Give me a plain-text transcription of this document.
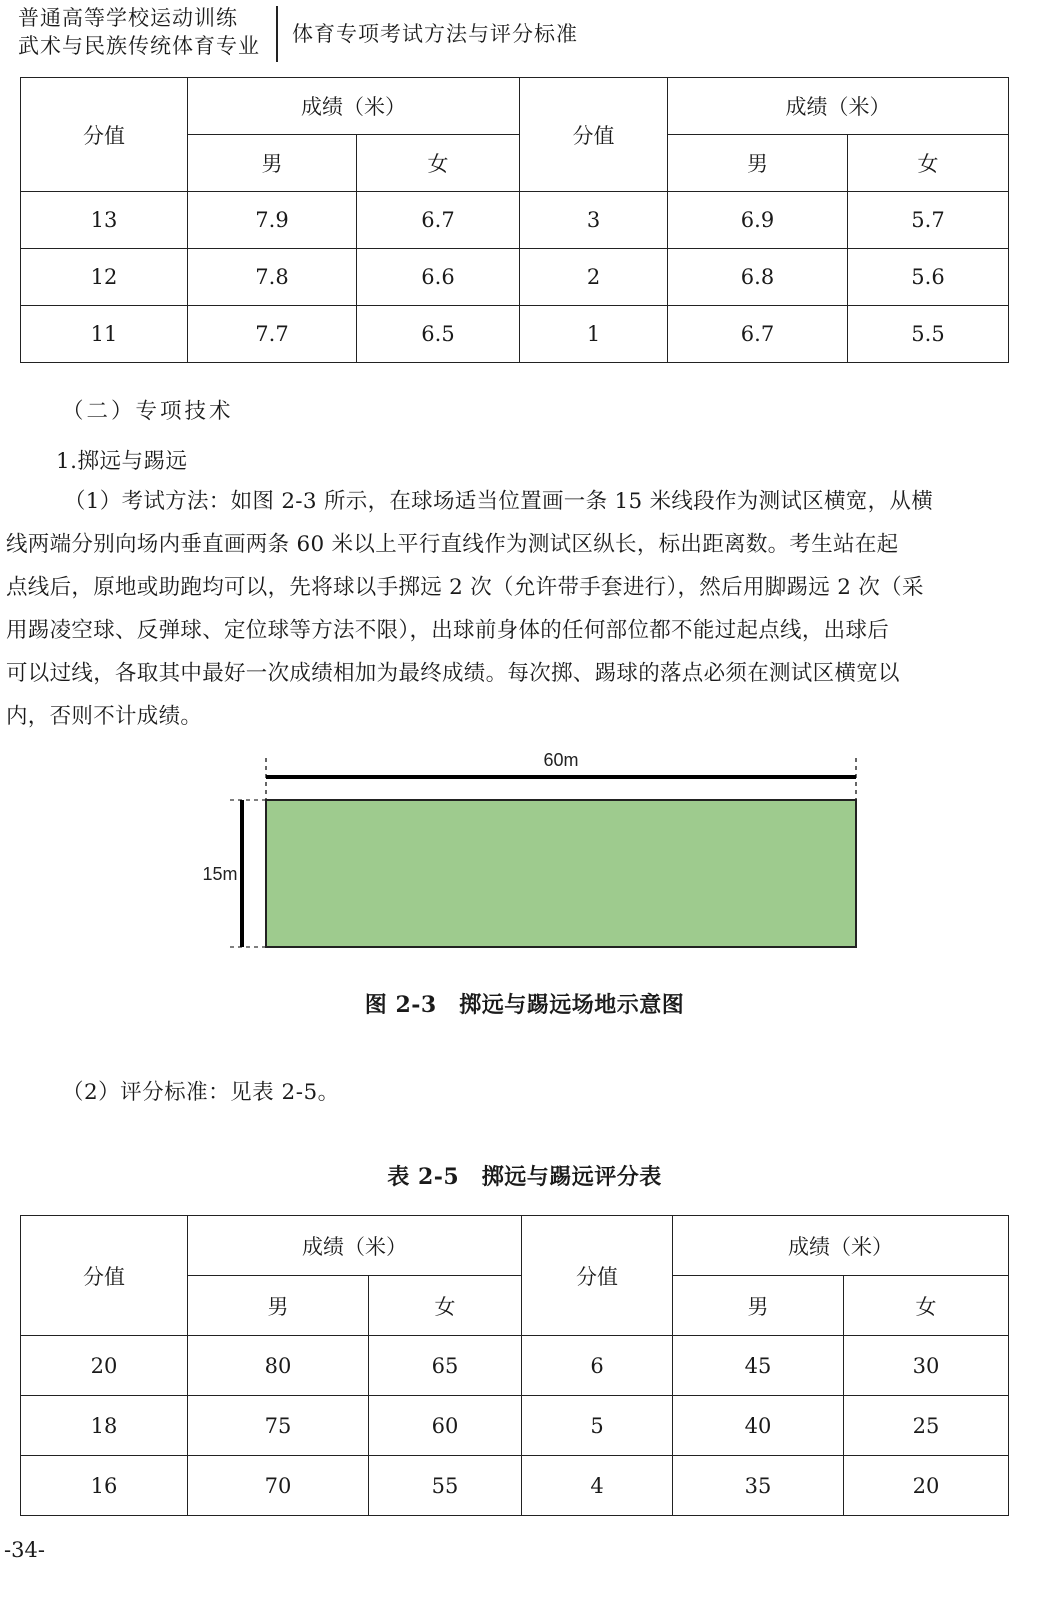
普通高等学校运动训练
武术与民族传统体育专业 体育专项考试方法与评分标准
分值	成绩（米）		分值	成绩（米）	
	男	女		男	女
13	7.9	6.7	3	6.9	5.7
12	7.8	6.6	2	6.8	5.6
11	7.7	6.5	1	6.7	5.5
（二）专项技术
1.掷远与踢远
（1）考试方法：如图 2-3 所示，在球场适当位置画一条 15 米线段作为测试区横宽，从横
线两端分别向场内垂直画两条 60 米以上平行直线作为测试区纵长，标出距离数。考生站在起
点线后，原地或助跑均可以，先将球以手掷远 2 次（允许带手套进行），然后用脚踢远 2 次（采
用踢凌空球、反弹球、定位球等方法不限），出球前身体的任何部位都不能过起点线，出球后
可以过线，各取其中最好一次成绩相加为最终成绩。每次掷、踢球的落点必须在测试区横宽以
内，否则不计成绩。
60m
15m
图 2-3　掷远与踢远场地示意图
（2）评分标准：见表 2-5。
表 2-5　掷远与踢远评分表
分值	成绩（米）		分值	成绩（米）	
	男	女		男	女
20	80	65	6	45	30
18	75	60	5	40	25
16	70	55	4	35	20
-34-
